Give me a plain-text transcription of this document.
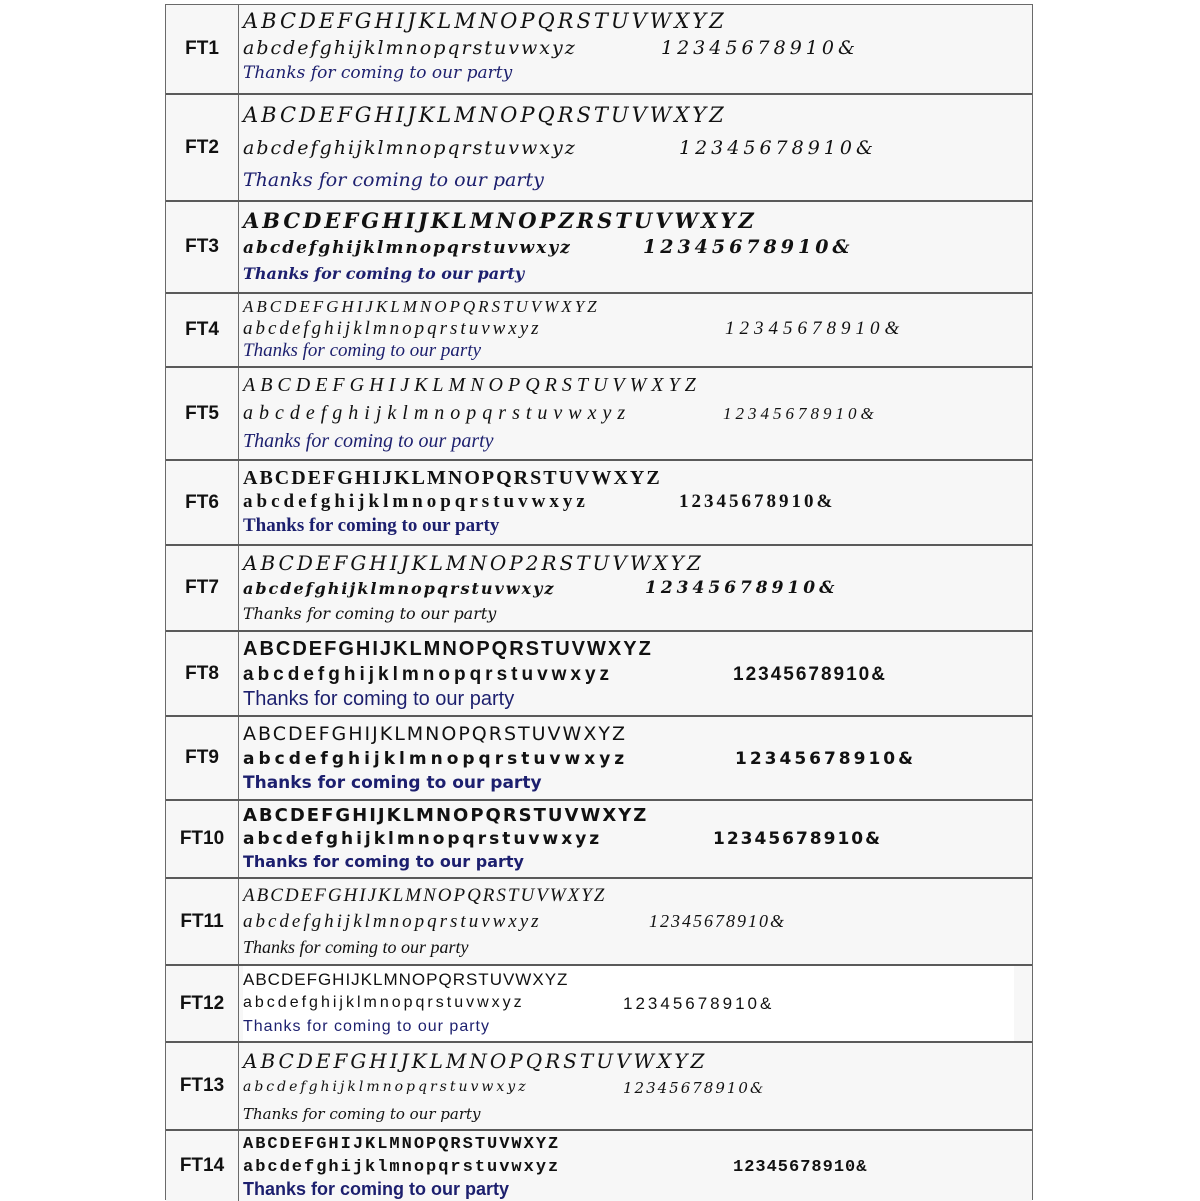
FT1
ABCDEFGHIJKLMNOPQRSTUVWXYZ
abcdefghijklmnopqrstuvwxyz	12345678910&
Thanks for coming to our party
FT2
ABCDEFGHIJKLMNOPQRSTUVWXYZ
abcdefghijklmnopqrstuvwxyz	12345678910&
Thanks for coming to our party
FT3
ABCDEFGHIJKLMNOPZRSTUVWXYZ
abcdefghijklmnopqrstuvwxyz	12345678910&
Thanks for coming to our party
FT4
ABCDEFGHIJKLMNOPQRSTUVWXYZ
abcdefghijklmnopqrstuvwxyz	12345678910&
Thanks for coming to our party
FT5
ABCDEFGHIJKLMNOPQRSTUVWXYZ
abcdefghijklmnopqrstuvwxyz	12345678910&
Thanks for coming to our party
FT6
ABCDEFGHIJKLMNOPQRSTUVWXYZ
abcdefghijklmnopqrstuvwxyz	12345678910&
Thanks for coming to our party
FT7
ABCDEFGHIJKLMNOP2RSTUVWXYZ
abcdefghijklmnopqrstuvwxyz	12345678910&
Thanks for coming to our party
FT8
ABCDEFGHIJKLMNOPQRSTUVWXYZ
abcdefghijklmnopqrstuvwxyz	12345678910&
Thanks for coming to our party
FT9
ABCDEFGHIJKLMNOPQRSTUVWXYZ
abcdefghijklmnopqrstuvwxyz	12345678910&
Thanks for coming to our party
FT10
ABCDEFGHIJKLMNOPQRSTUVWXYZ
abcdefghijklmnopqrstuvwxyz	12345678910&
Thanks for coming to our party
FT11
ABCDEFGHIJKLMNOPQRSTUVWXYZ
abcdefghijklmnopqrstuvwxyz	12345678910&
Thanks for coming to our party
FT12
ABCDEFGHIJKLMNOPQRSTUVWXYZ
abcdefghijklmnopqrstuvwxyz	12345678910&
Thanks for coming to our party
FT13
ABCDEFGHIJKLMNOPQRSTUVWXYZ
abcdefghijklmnopqrstuvwxyz	12345678910&
Thanks for coming to our party
FT14
ABCDEFGHIJKLMNOPQRSTUVWXYZ
abcdefghijklmnopqrstuvwxyz	12345678910&
Thanks for coming to our party
